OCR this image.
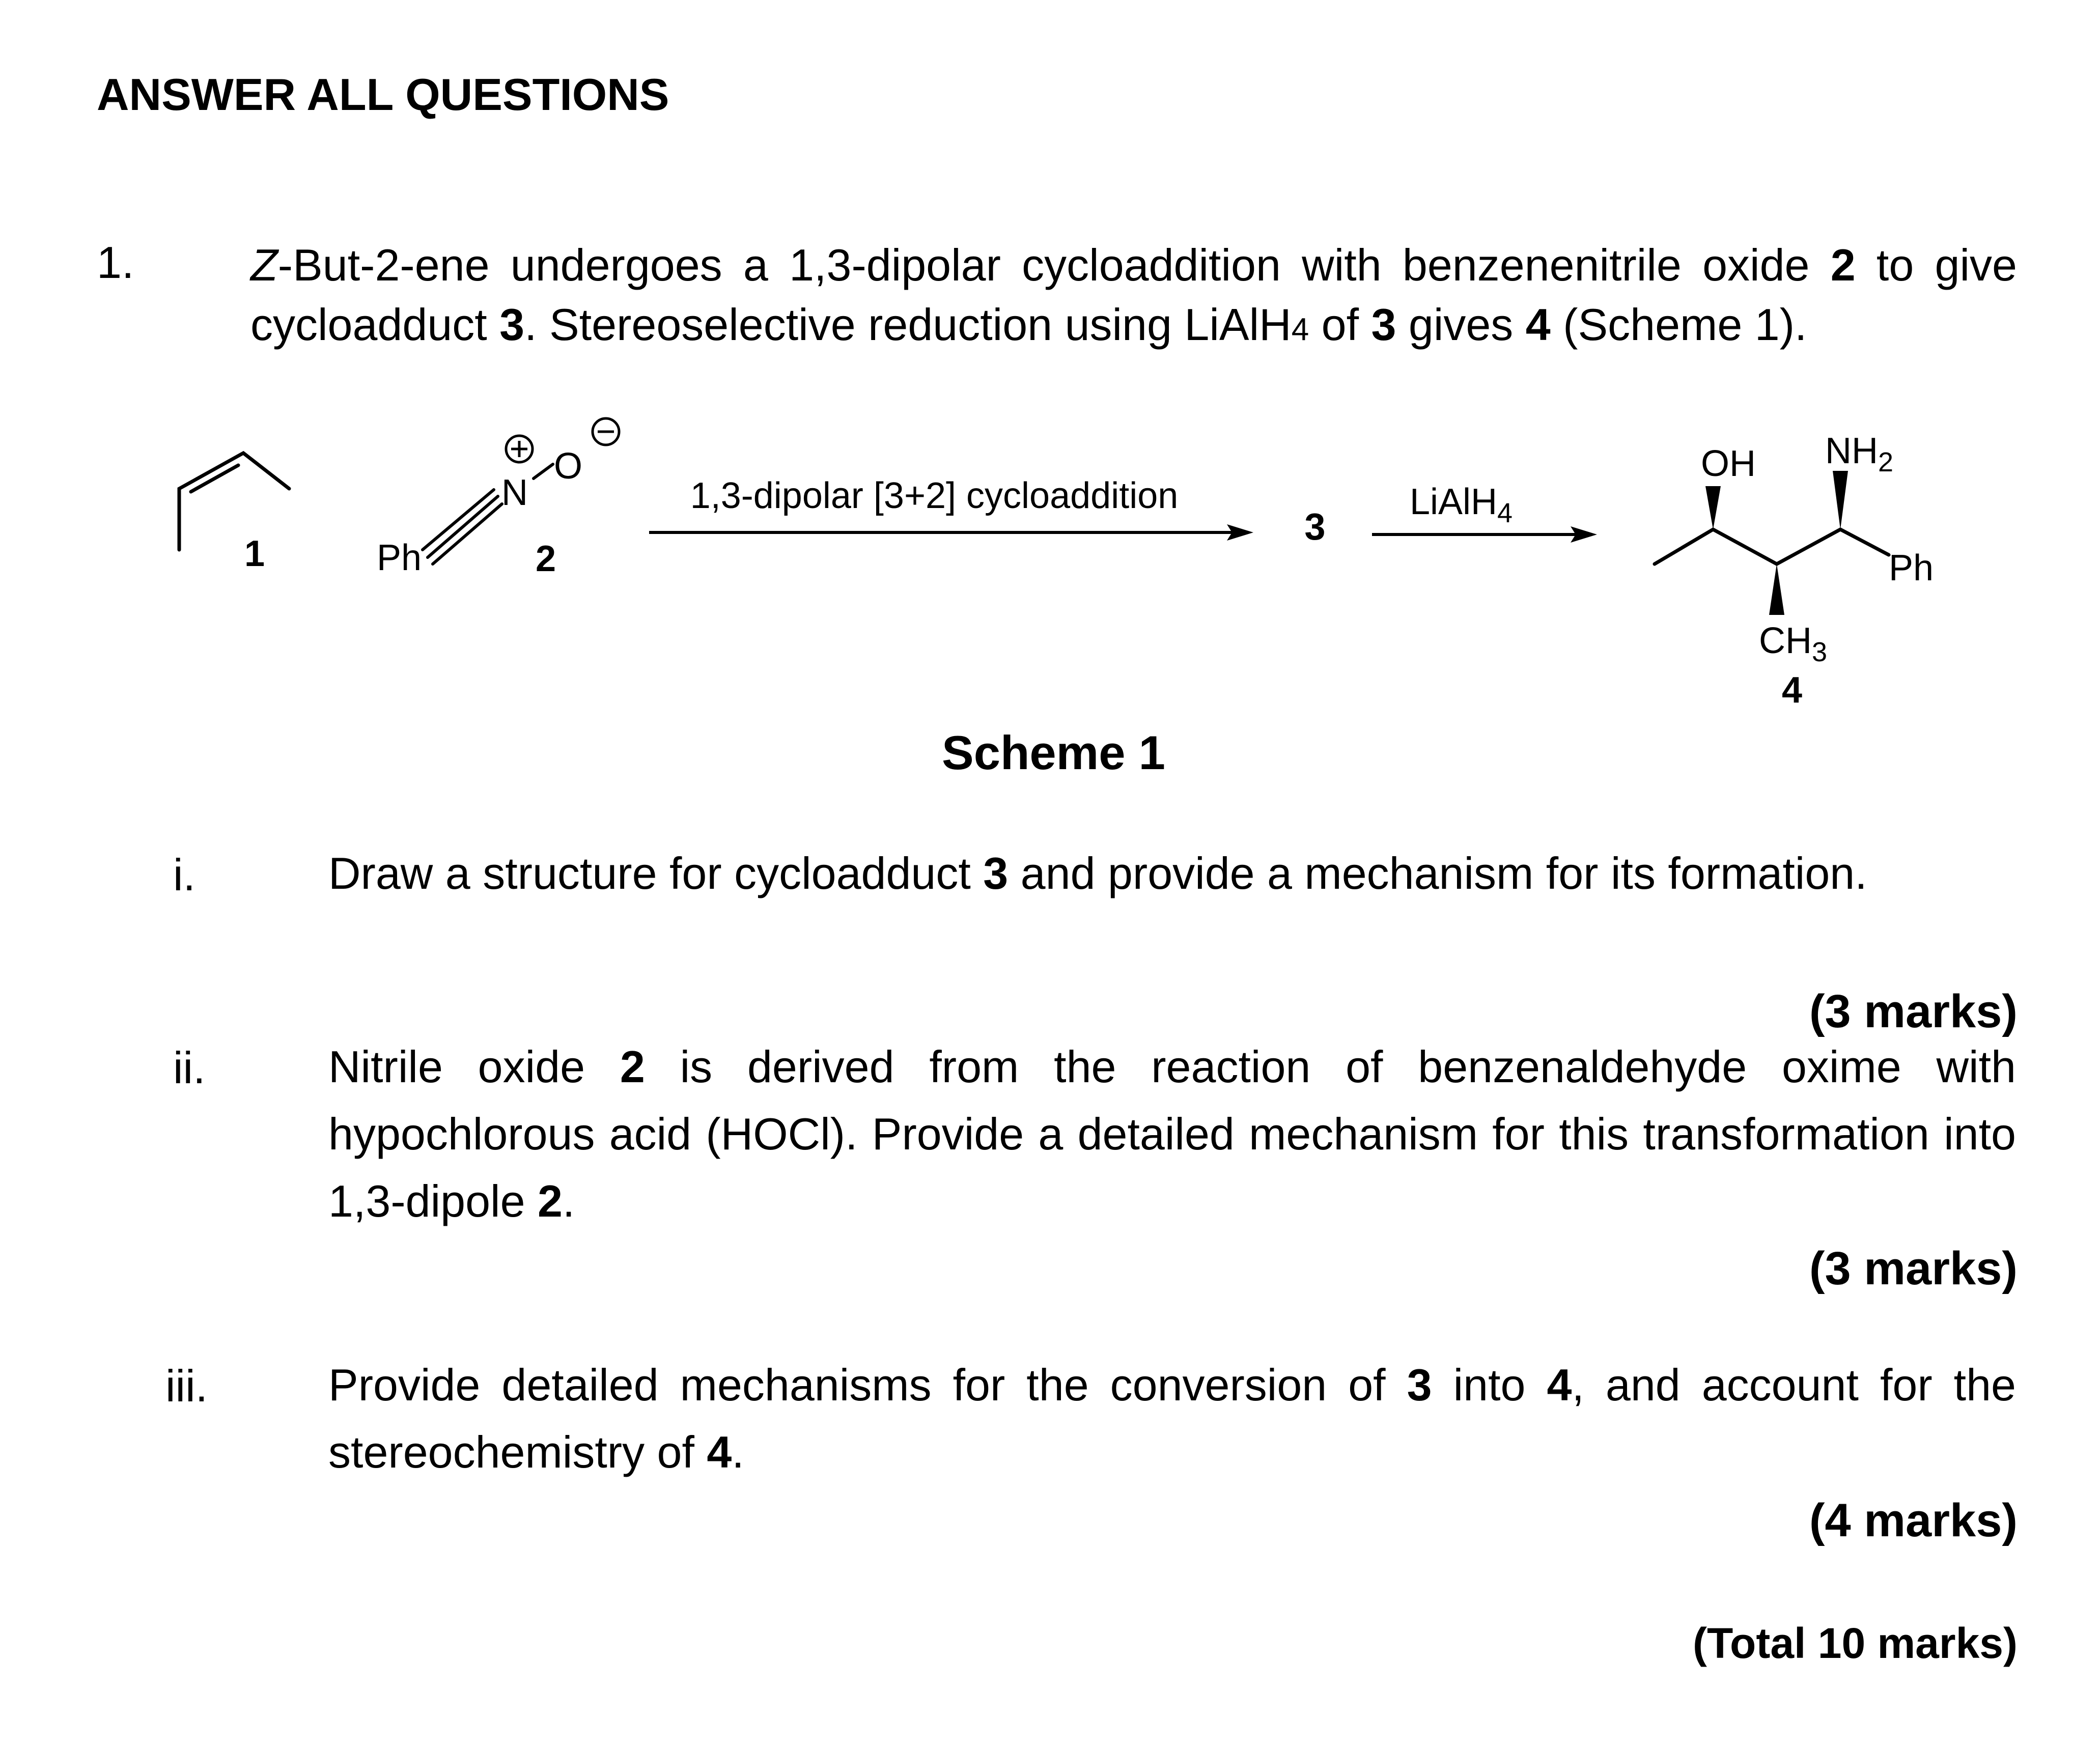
ANSWER ALL QUESTIONS
1.	Z-But-2-ene undergoes a 1,3-dipolar cycloaddition with benzenenitrile oxide 2 to give cycloadduct 3. Stereoselective reduction using LiAlH4 of 3 gives 4 (Scheme 1).
1	Ph
N
O
2
1,3-dipolar [3+2] cycloaddition
3
LiAlH$_4$
OH $NH_2$
Ph
$CH_3$
4
Scheme 1
i.	Draw a structure for cycloadduct 3 and provide a mechanism for its formation.
(3 marks)
ii.	Nitrile oxide 2 is derived from the reaction of benzenaldehyde oxime with hypochlorous acid (HOCl). Provide a detailed mechanism for this transformation into 1,3-dipole 2.
(3 marks)
iii.	Provide detailed mechanisms for the conversion of 3 into 4, and account for the stereochemistry of 4.
(4 marks)
(Total 10 marks)
